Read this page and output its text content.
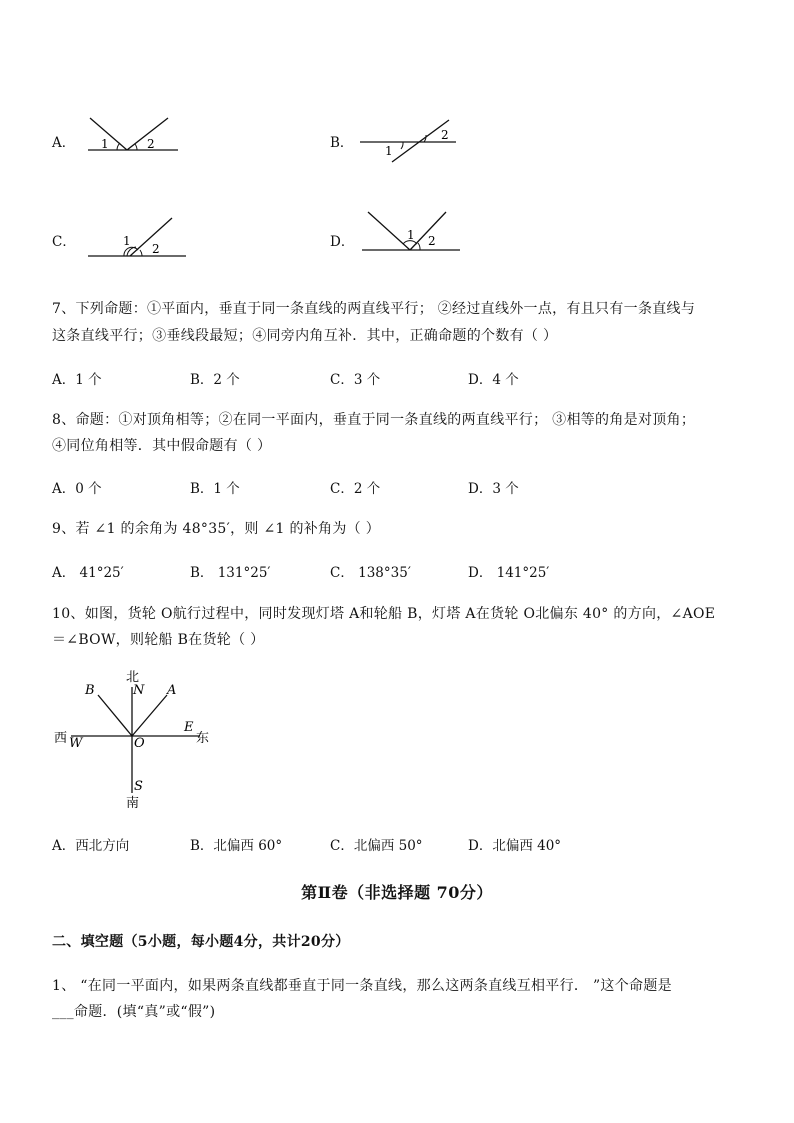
A． 1	2	B．	2
1
C．	1
2	D．	1 2
7、下列命题：①平面内，垂直于同一条直线的两直线平行； ②经过直线外一点，有且只有一条直线与
这条直线平行；③垂线段最短；④同旁内角互补．其中，正确命题的个数有（ ）
A．1 个	B．2 个	C．3 个	D．4 个
8、命题：①对顶角相等；②在同一平面内，垂直于同一条直线的两直线平行； ③相等的角是对顶角；
④同位角相等．其中假命题有（ ）
A．0 个	B．1 个	C．2 个	D．3 个
9、若 ∠1 的余角为 48°35′，则 ∠1 的补角为（ ）
A． 41°25′	B． 131°25′	C． 138°35′	D． 141°25′
10、如图，货轮 O航行过程中，同时发现灯塔 A和轮船 B，灯塔 A在货轮 O北偏东 40° 的方向，∠AOE
＝∠BOW，则轮船 B在货轮（ ）
北
N
B	A
西 W	O
E
东
S
南
A．西北方向	B．北偏西 60°	C．北偏西 50°	D．北偏西 40°
第Ⅱ卷（非选择题 70分）
二、填空题（5小题，每小题4分，共计20分）
1、 “在同一平面内，如果两条直线都垂直于同一条直线，那么这两条直线互相平行． ”这个命题是
___命题．(填“真”或“假”)
